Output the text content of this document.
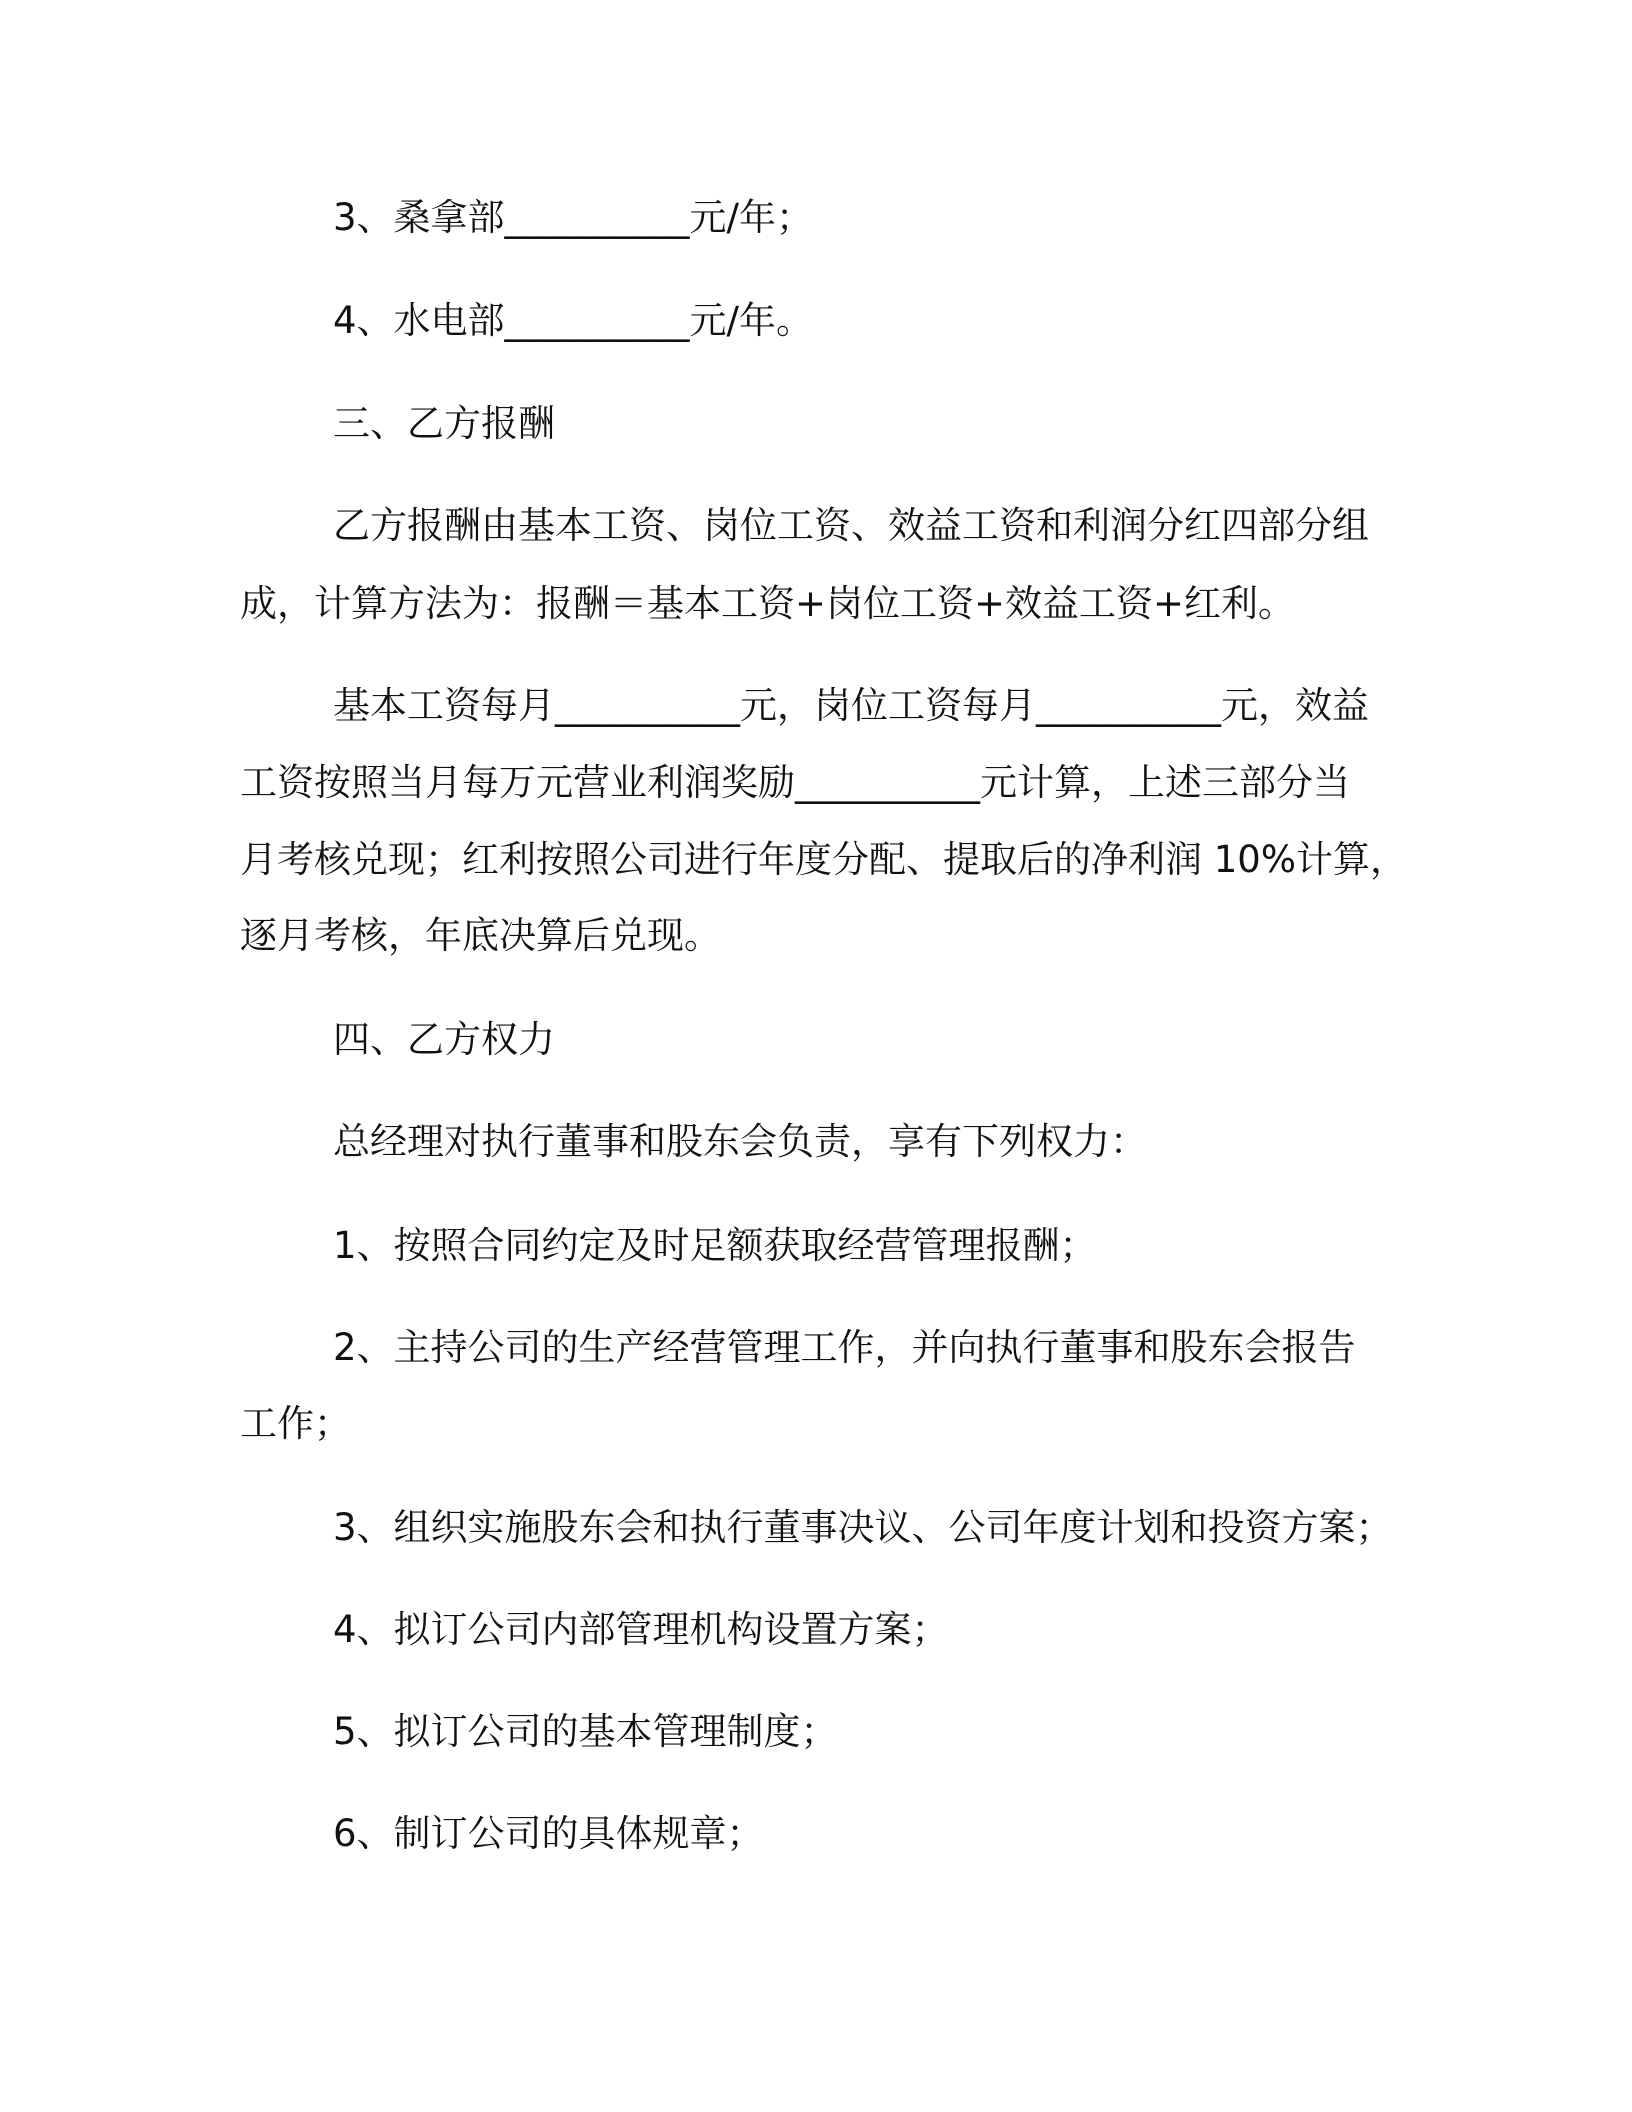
3、桑拿部__________元/年；
4、水电部__________元/年。
三、乙方报酬
乙方报酬由基本工资、岗位工资、效益工资和利润分红四部分组
成，计算方法为：报酬＝基本工资+岗位工资+效益工资+红利。
基本工资每月__________元，岗位工资每月__________元，效益
工资按照当月每万元营业利润奖励__________元计算，上述三部分当
月考核兑现；红利按照公司进行年度分配、提取后的净利润 10%计算，
逐月考核，年底决算后兑现。
四、乙方权力
总经理对执行董事和股东会负责，享有下列权力：
1、按照合同约定及时足额获取经营管理报酬；
2、主持公司的生产经营管理工作，并向执行董事和股东会报告
工作；
3、组织实施股东会和执行董事决议、公司年度计划和投资方案；
4、拟订公司内部管理机构设置方案；
5、拟订公司的基本管理制度；
6、制订公司的具体规章；
